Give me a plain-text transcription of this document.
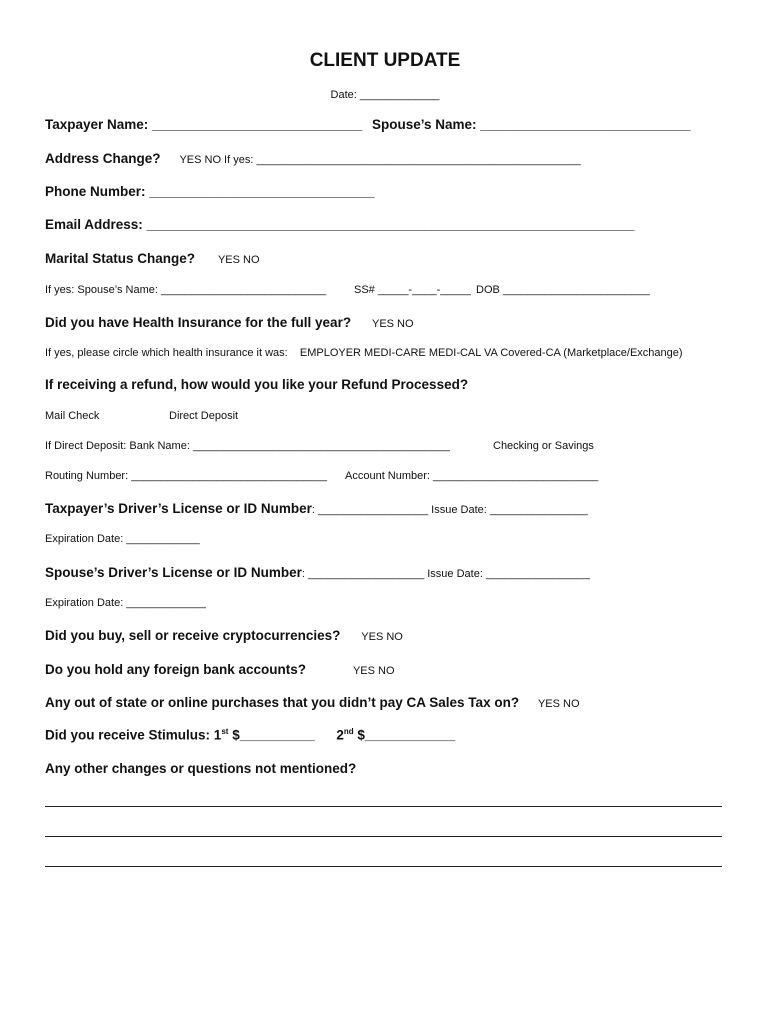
CLIENT UPDATE
Date: _____________
Taxpayer Name: ____________________________ Spouse’s Name: ____________________________
Address Change? YES NO If yes: _____________________________________________________
Phone Number: ______________________________
Email Address: _________________________________________________________________
Marital Status Change? YES NO
If yes: Spouse’s Name: ___________________________	SS# _____-____-_____ DOB ________________________
Did you have Health Insurance for the full year? YES NO
If yes, please circle which health insurance it was: EMPLOYER MEDI-CARE MEDI-CAL VA Covered-CA (Marketplace/Exchange)
If receiving a refund, how would you like your Refund Processed?
Mail Check	Direct Deposit
If Direct Deposit: Bank Name: __________________________________________	Checking or Savings
Routing Number: ________________________________ Account Number: ___________________________
Taxpayer’s Driver’s License or ID Number: __________________ Issue Date: ________________
Expiration Date: ____________
Spouse’s Driver’s License or ID Number: ___________________ Issue Date: _________________
Expiration Date: _____________
Did you buy, sell or receive cryptocurrencies? YES NO
Do you hold any foreign bank accounts?	YES NO
Any out of state or online purchases that you didn’t pay CA Sales Tax on? YES NO
Did you receive Stimulus: 1st $__________ 2nd $____________
Any other changes or questions not mentioned?
